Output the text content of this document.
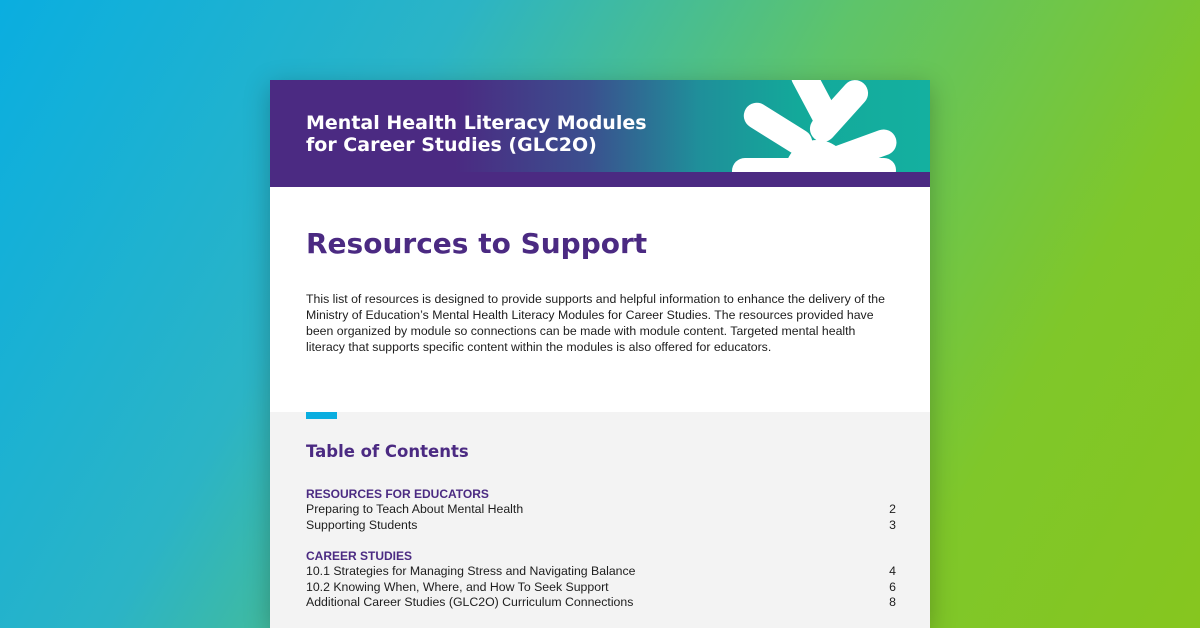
Mental Health Literacy Modules
for Career Studies (GLC2O)
Resources to Support

This list of resources is designed to provide supports and helpful information to enhance the delivery of the Ministry of Education’s Mental Health Literacy Modules for Career Studies. The resources provided have been organized by module so connections can be made with module content. Targeted mental health literacy that supports specific content within the modules is also offered for educators.

Table of Contents

RESOURCES FOR EDUCATORS

Preparing to Teach About Mental Health	2
Supporting Students	3

CAREER STUDIES

10.1 Strategies for Managing Stress and Navigating Balance	4
10.2 Knowing When, Where, and How To Seek Support	6
Additional Career Studies (GLC2O) Curriculum Connections	8
